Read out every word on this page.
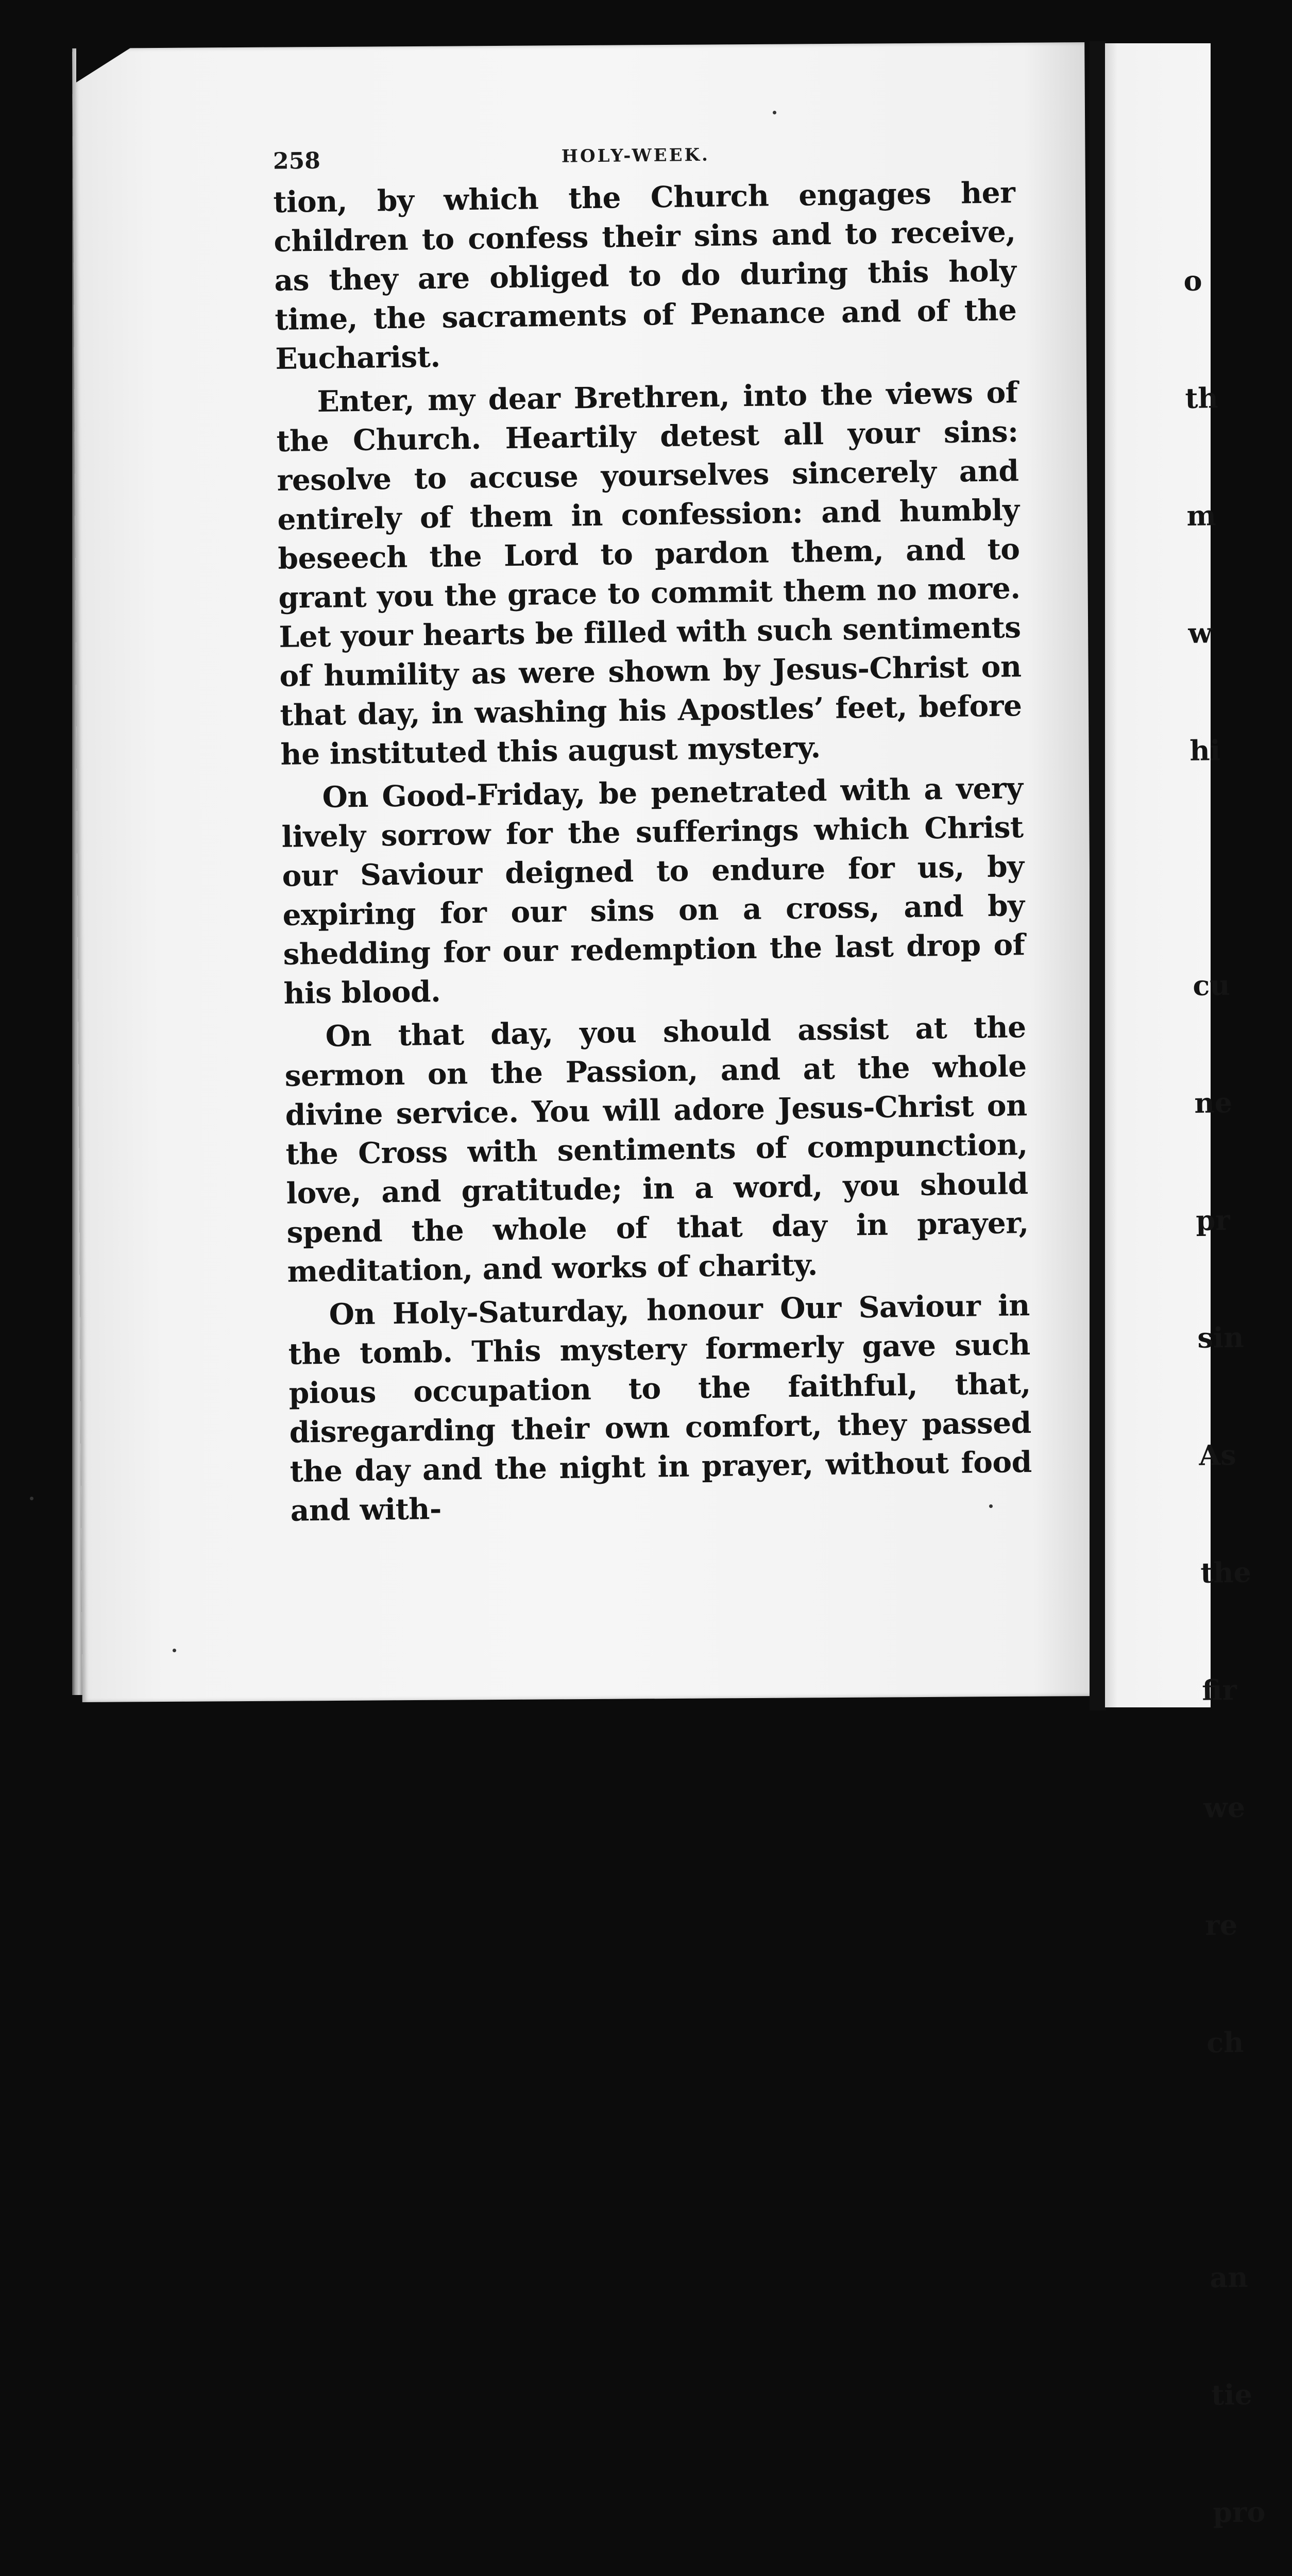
258	HOLY-WEEK.

tion, by which the Church engages her children to confess their sins and to receive, as they are obliged to do during this holy time, the sacraments of Penance and of the Eucharist.

Enter, my dear Brethren, into the views of the Church. Heartily detest all your sins: resolve to accuse yourselves sincerely and entirely of them in confession: and humbly beseech the Lord to pardon them, and to grant you the grace to commit them no more. Let your hearts be filled with such sentiments of humility as were shown by Jesus-Christ on that day, in washing his Apostles’ feet, before he instituted this august mystery.

On Good-Friday, be penetrated with a very lively sorrow for the sufferings which Christ our Saviour deigned to endure for us, by expiring for our sins on a cross, and by shedding for our redemption the last drop of his blood.

On that day, you should assist at the sermon on the Passion, and at the whole divine service. You will adore Jesus-Christ on the Cross with sentiments of compunction, love, and gratitude; in a word, you should spend the whole of that day in prayer, meditation, and works of charity.

On Holy-Saturday, honour Our Saviour in the tomb. This mystery formerly gave such pious occupation to the faithful, that, disregarding their own comfort, they passed the day and the night in prayer, without food and with-

o

th

m

w

hi

cu

ne

pr

sin

As

the

fir

we

re

ch

an

tie

pro
